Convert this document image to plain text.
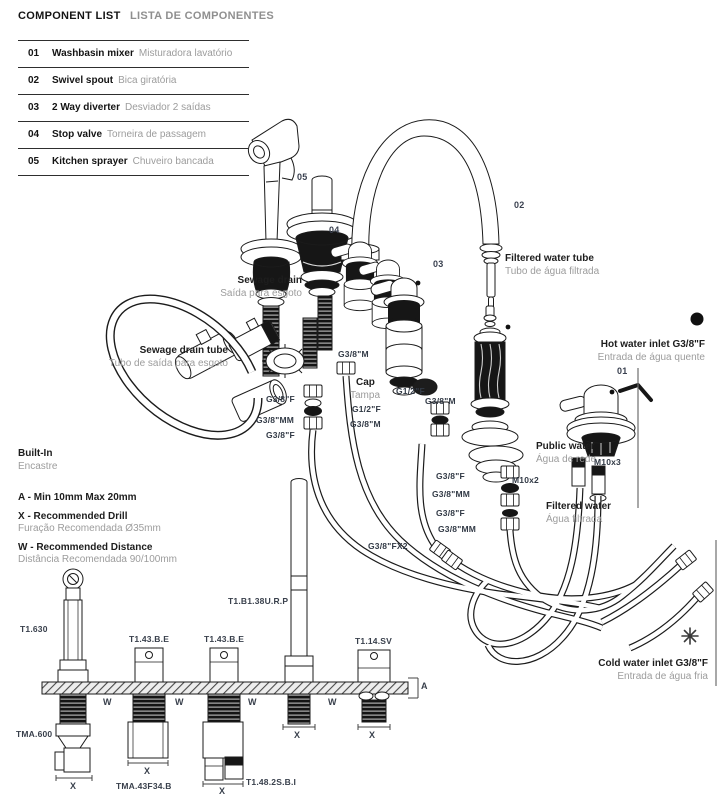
COMPONENT LIST LISTA DE COMPONENTES
01 Washbasin mixer Misturadora lavatório
02 Swivel spout Bica giratória
03 2 Way diverter Desviador 2 saídas
04 Stop valve Torneira de passagem
05 Kitchen sprayer Chuveiro bancada
05
04
02
03
01
Sewage drain
Saída para esgoto
Sewage drain tube
Tubo de saída para esgoto
Filtered water tube
Tubo de água filtrada
Hot water inlet G3/8"F
Entrada de água quente
Cold water inlet G3/8"F
Entrada de água fria
Public water
Água de rede
Filtered water
Água filtrada
Built-In
Encastre
Cap
Tampa
A - Min 10mm Max 20mm
X - Recommended Drill
Furação Recomendada Ø35mm
W - Recommended Distance
Distância Recomendada 90/100mm
G3/8"M
G1/2"F
G3/8"M
G1/2"F
G3/8"M
G3/8"F
G3/8"MM
G3/8"F
G3/8"F
G3/8"MM
G3/8"F
G3/8"MM
G3/8"FX2
M10x2
M10x3
T1.630
T1.43.B.E	T1.43.B.E
T1.B1.38U.R.P
T1.14.SV
TMA.600
TMA.43F34.B	T1.48.2S.B.I
W	W	W	W
X
X
X
X	X
A
